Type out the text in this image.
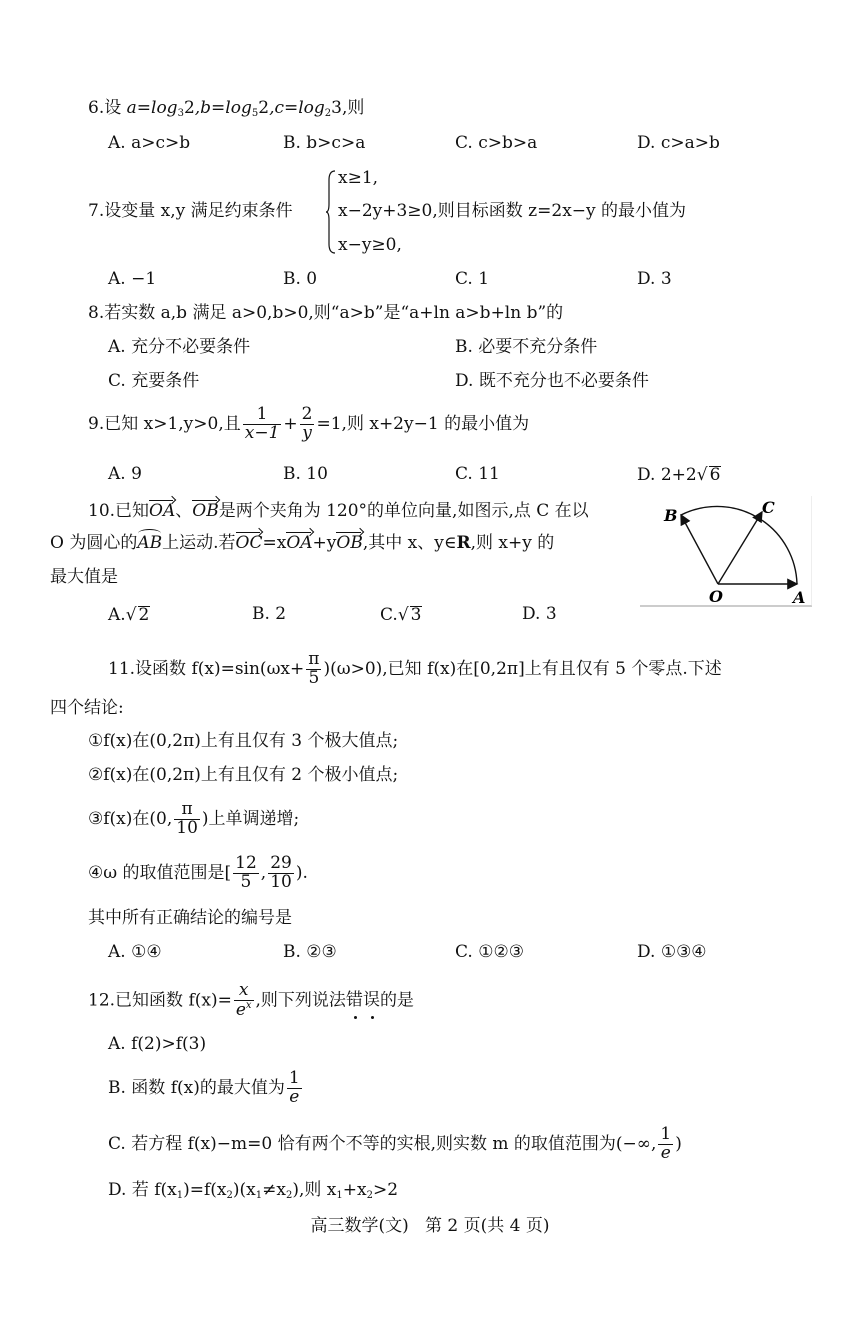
6.设 $a=\log_32,b=\log_52,c=\log_23$,则
A. a>c>b	B. b>c>a	C. c>b>a	D. c>a>b
7.设变量 x,y 满足约束条件
x≥1,
x−2y+3≥0,则目标函数 z=2x−y 的最小值为
x−y≥0,
A. −1	B. 0	C. 1	D. 3
8.若实数 a,b 满足 a>0,b>0,则“a>b”是“a+ln a>b+ln b”的
A. 充分不必要条件	B. 必要不充分条件
C. 充要条件	D. 既不充分也不必要条件
9.已知 x>1,y>0,且 $\frac{1}{x-1} + \frac{2}{y} =1$,则 x+2y−1 的最小值为
A. 9	B. 10	C. 11	D. 2+2√ 6
10.已知OA、OB是两个夹角为 120°的单位向量,如图示,点 C 在以
O 为圆心的AB上运动.若OC=xOA+yOB,其中 x、y∈R,则 x+y 的
最大值是
A.√ 2	B. 2	C.√ 3	D. 3
B	C
O	A
11.设函数 $f(x)=\sin(\omega x+ \frac{\pi}{5} )(\omega>0)$,已知 f(x)在[0,2π]上有且仅有 5 个零点.下述
四个结论:
①f(x)在(0,2π)上有且仅有 3 个极大值点;
②f(x)在(0,2π)上有且仅有 2 个极小值点;
③f(x)在(0, $\frac{\pi}{10}$ )上单调递增;
④ω 的取值范围是[ $\frac{12}{5}$ , $\frac{29}{10}$ ).
其中所有正确结论的编号是
A. ①④	B. ②③	C. ①②③	D. ①③④
12.已知函数 $f(x)= \frac{x}{e^x}$ ,则下列说法错误的是
A. f(2)>f(3)
B. 函数 f(x)的最大值为 $\frac{1}{e}$
C. 若方程 f(x)−m=0 恰有两个不等的实根,则实数 m 的取值范围为(−∞, $\frac{1}{e}$ )
D. 若 $f(x_1)=f(x_2)(x_1\ne x_2)$,则 $x_1+x_2>2$
高三数学(文)   第 2 页(共 4 页)
